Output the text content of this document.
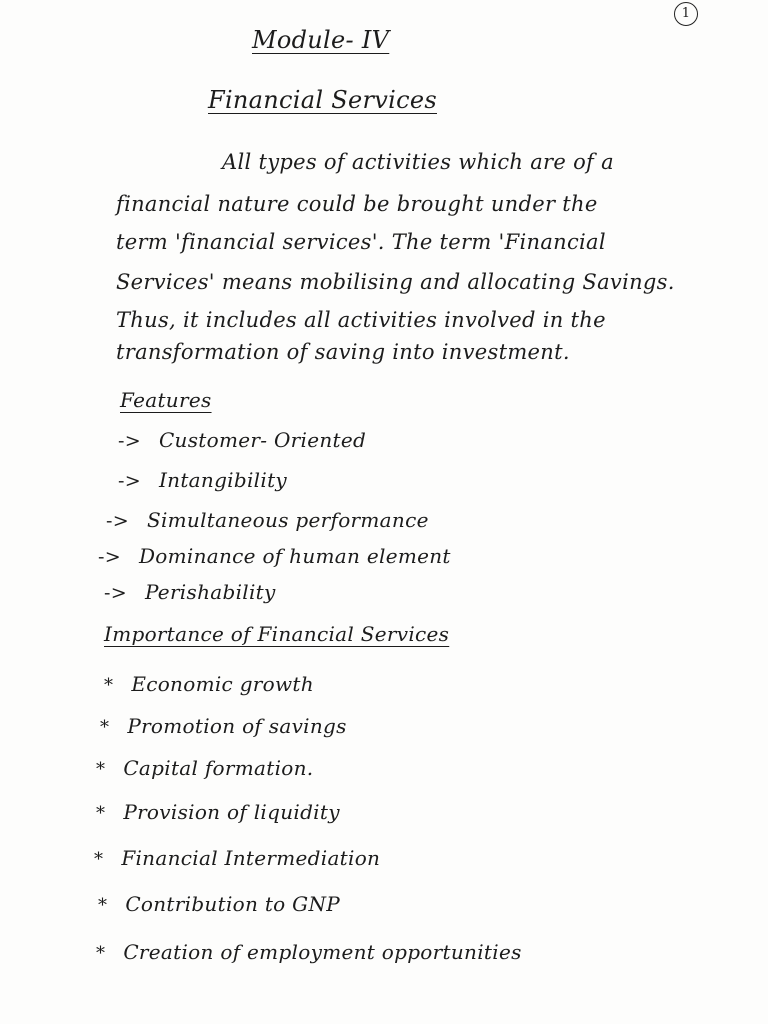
1
Module- IV
Financial Services
All types of activities which are of a
financial nature could be brought under the
term 'financial services'. The term 'Financial
Services' means mobilising and allocating Savings.
Thus, it includes all activities involved in the
transformation of saving into investment.
Features
-> Customer- Oriented
-> Intangibility
-> Simultaneous performance
-> Dominance of human element
-> Perishability
Importance of Financial Services
* Economic growth
* Promotion of savings
* Capital formation.
* Provision of liquidity
* Financial Intermediation
* Contribution to GNP
* Creation of employment opportunities
